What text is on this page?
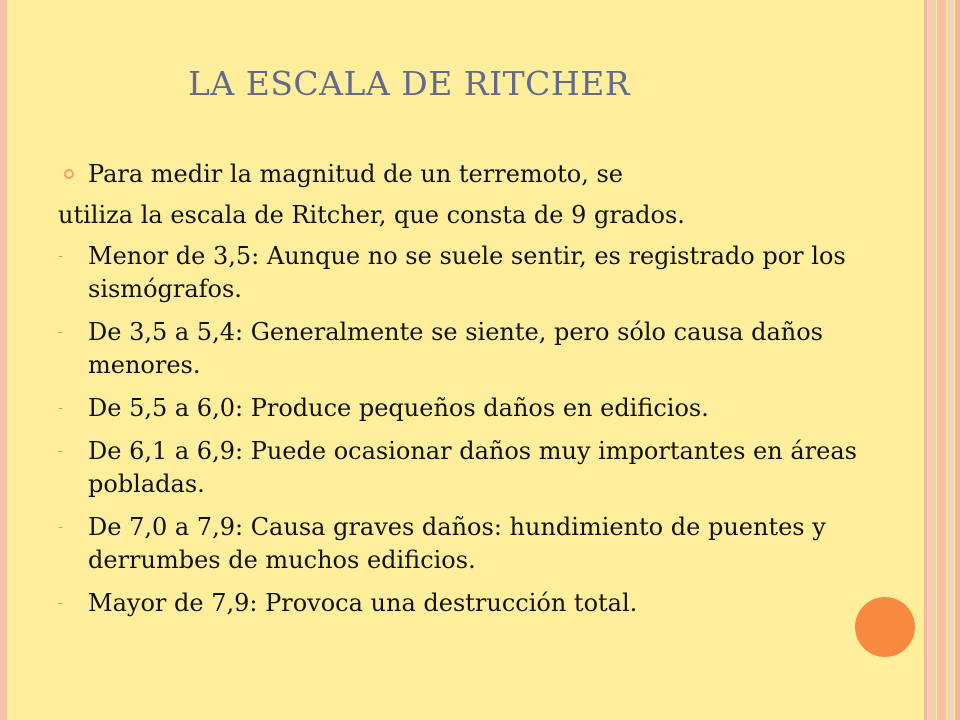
LA ESCALA DE RITCHER
Para medir la magnitud de un terremoto, se
utiliza la escala de Ritcher, que consta de 9 grados.
- Menor de 3,5: Aunque no se suele sentir, es registrado por los sismógrafos.
- De 3,5 a 5,4: Generalmente se siente, pero sólo causa daños menores.
- De 5,5 a 6,0: Produce pequeños daños en edificios.
- De 6,1 a 6,9: Puede ocasionar daños muy importantes en áreas pobladas.
- De 7,0 a 7,9: Causa graves daños: hundimiento de puentes y derrumbes de muchos edificios.
- Mayor de 7,9: Provoca una destrucción total.
